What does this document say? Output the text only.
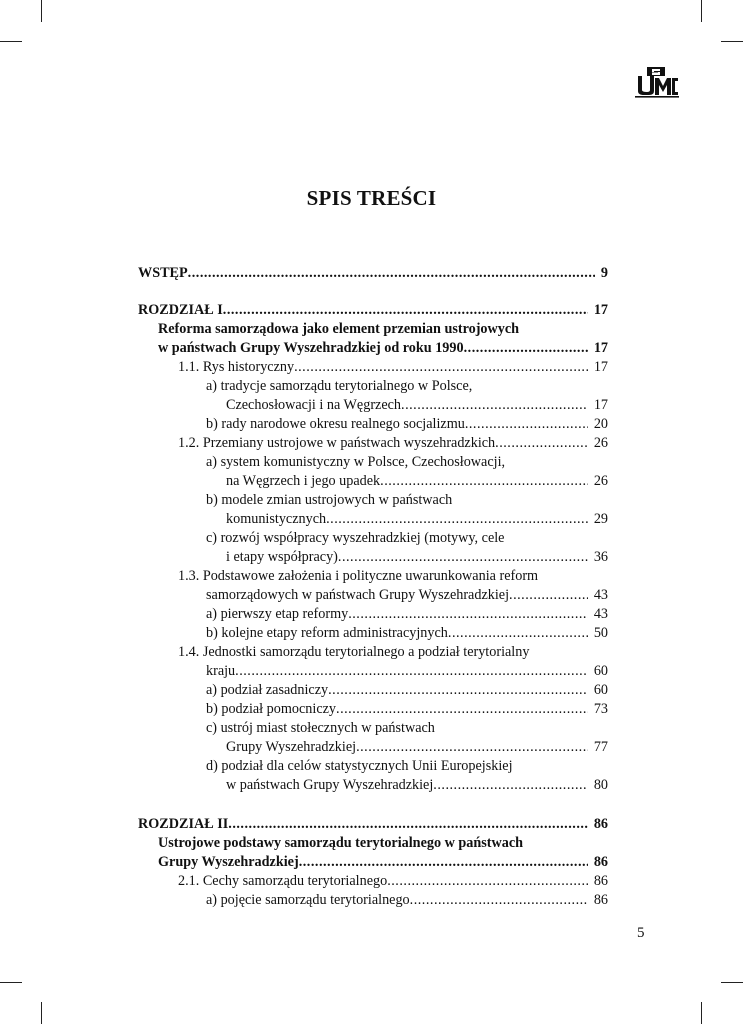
SPIS TREŚCI
WSTĘP .....	9
ROZDZIAŁ I .....	17
Reforma samorządowa jako element przemian ustrojowych
w państwach Grupy Wyszehradzkiej od roku 1990 .....	17
1.1. Rys historyczny .....	17
a) tradycje samorządu terytorialnego w Polsce,
Czechosłowacji i na Węgrzech .....	17
b) rady narodowe okresu realnego socjalizmu .....	20
1.2. Przemiany ustrojowe w państwach wyszehradzkich .....	26
a) system komunistyczny w Polsce, Czechosłowacji,
na Węgrzech i jego upadek .....	26
b) modele zmian ustrojowych w państwach
komunistycznych .....	29
c) rozwój współpracy wyszehradzkiej (motywy, cele
i etapy współpracy) .....	36
1.3. Podstawowe założenia i polityczne uwarunkowania reform
samorządowych w państwach Grupy Wyszehradzkiej .....	43
a) pierwszy etap reformy .....	43
b) kolejne etapy reform administracyjnych .....	50
1.4. Jednostki samorządu terytorialnego a podział terytorialny
kraju .....	60
a) podział zasadniczy .....	60
b) podział pomocniczy .....	73
c) ustrój miast stołecznych w państwach
Grupy Wyszehradzkiej .....	77
d) podział dla celów statystycznych Unii Europejskiej
w państwach Grupy Wyszehradzkiej .....	80
ROZDZIAŁ II .....	86
Ustrojowe podstawy samorządu terytorialnego w państwach
Grupy Wyszehradzkiej .....	86
2.1. Cechy samorządu terytorialnego .....	86
a) pojęcie samorządu terytorialnego .....	86
5
